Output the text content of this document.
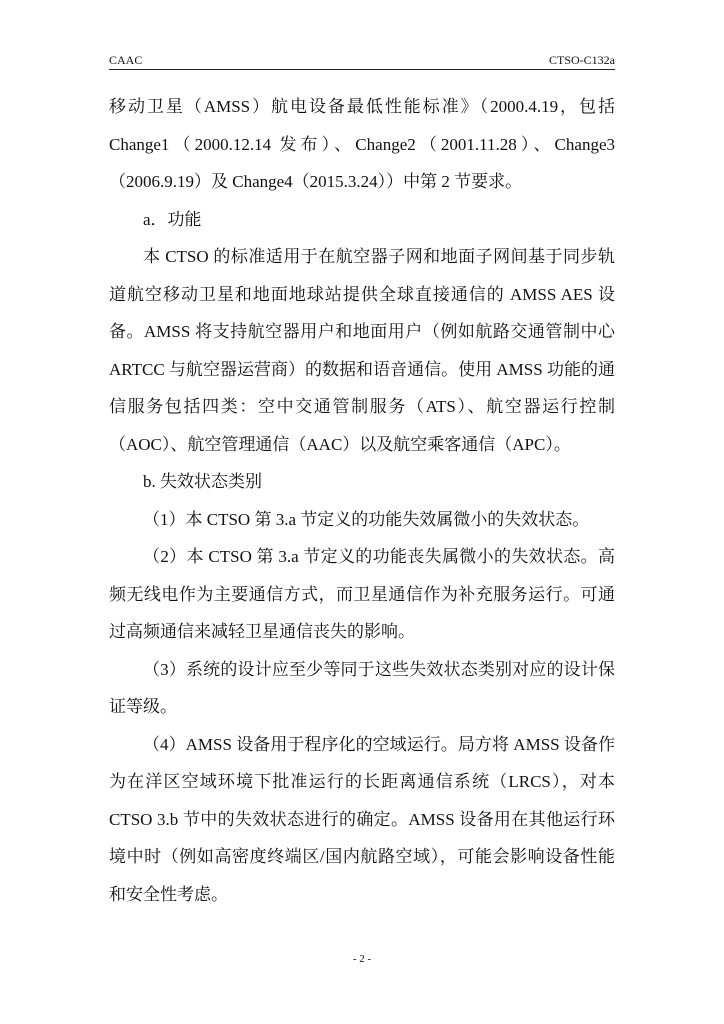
CAAC	CTSO-C132a

移动卫星（AMSS）航电设备最低性能标准》（2000.4.19，包括 Change1（2000.12.14 发布）、Change2（2001.11.28）、Change3（2006.9.19）及 Change4（2015.3.24））中第 2 节要求。

a．功能

本 CTSO 的标准适用于在航空器子网和地面子网间基于同步轨道航空移动卫星和地面地球站提供全球直接通信的 AMSS AES 设备。AMSS 将支持航空器用户和地面用户（例如航路交通管制中心 ARTCC 与航空器运营商）的数据和语音通信。使用 AMSS 功能的通信服务包括四类：空中交通管制服务（ATS）、航空器运行控制（AOC）、航空管理通信（AAC）以及航空乘客通信（APC）。

b. 失效状态类别

（1）本 CTSO 第 3.a 节定义的功能失效属微小的失效状态。

（2）本 CTSO 第 3.a 节定义的功能丧失属微小的失效状态。高频无线电作为主要通信方式，而卫星通信作为补充服务运行。可通过高频通信来减轻卫星通信丧失的影响。

（3）系统的设计应至少等同于这些失效状态类别对应的设计保证等级。

（4）AMSS 设备用于程序化的空域运行。局方将 AMSS 设备作为在洋区空域环境下批准运行的长距离通信系统（LRCS），对本 CTSO 3.b 节中的失效状态进行的确定。AMSS 设备用在其他运行环境中时（例如高密度终端区/国内航路空域），可能会影响设备性能和安全性考虑。

- 2 -
